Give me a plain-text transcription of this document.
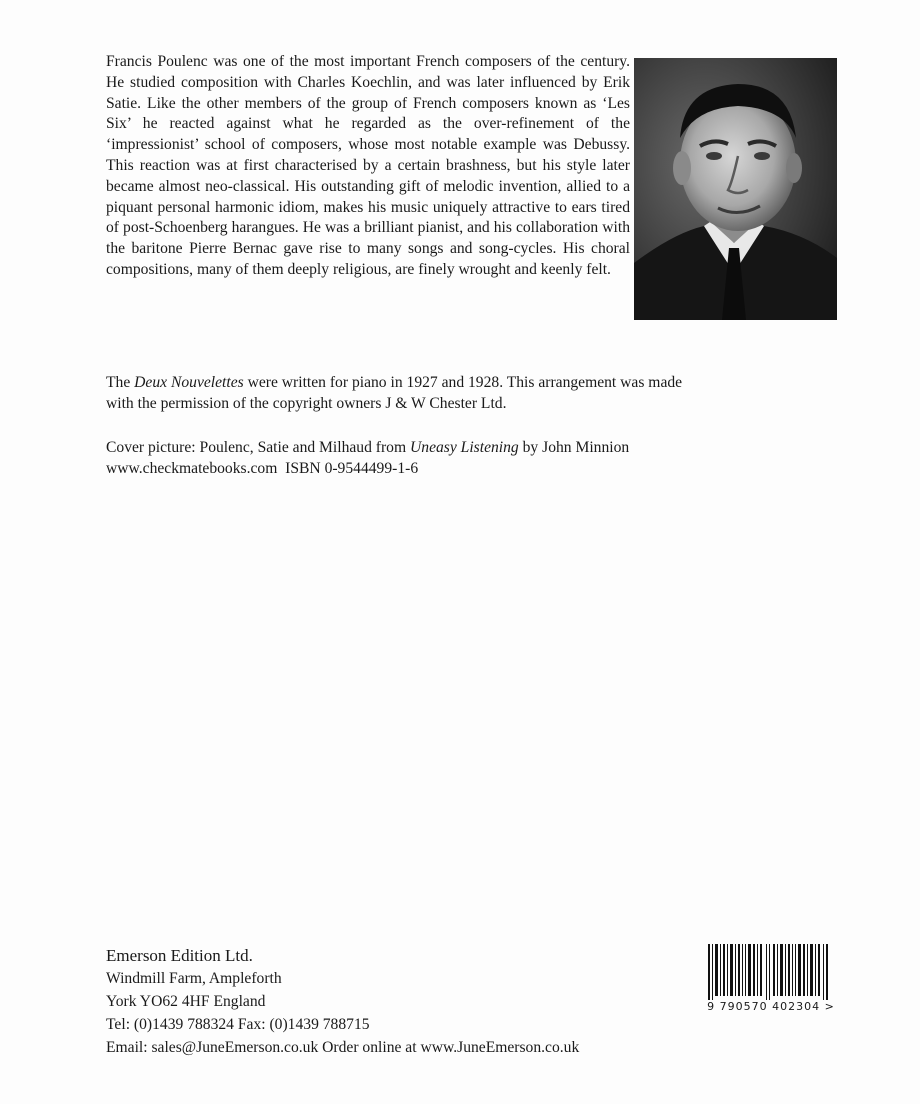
Francis Poulenc was one of the most important French composers of the century. He studied composition with Charles Koechlin, and was later influenced by Erik Satie. Like the other members of the group of French composers known as ‘Les Six’ he reacted against what he regarded as the over-refinement of the ‘impressionist’ school of composers, whose most notable example was Debussy. This reaction was at first characterised by a certain brashness, but his style later became almost neo-classical. His outstanding gift of melodic invention, allied to a piquant personal harmonic idiom, makes his music uniquely attractive to ears tired of post-Schoenberg harangues. He was a brilliant pianist, and his collaboration with the baritone Pierre Bernac gave rise to many songs and song-cycles. His choral compositions, many of them deeply religious, are finely wrought and keenly felt.

The Deux Nouvelettes were written for piano in 1927 and 1928. This arrangement was made
with the permission of the copyright owners J & W Chester Ltd.

Cover picture: Poulenc, Satie and Milhaud from Uneasy Listening by John Minnion
www.checkmatebooks.com ISBN 0-9544499-1-6

Emerson Edition Ltd.
Windmill Farm, Ampleforth
York YO62 4HF England
Tel: (0)1439 788324 Fax: (0)1439 788715
Email: sales@JuneEmerson.co.uk Order online at www.JuneEmerson.co.uk
9 790570 402304 >
